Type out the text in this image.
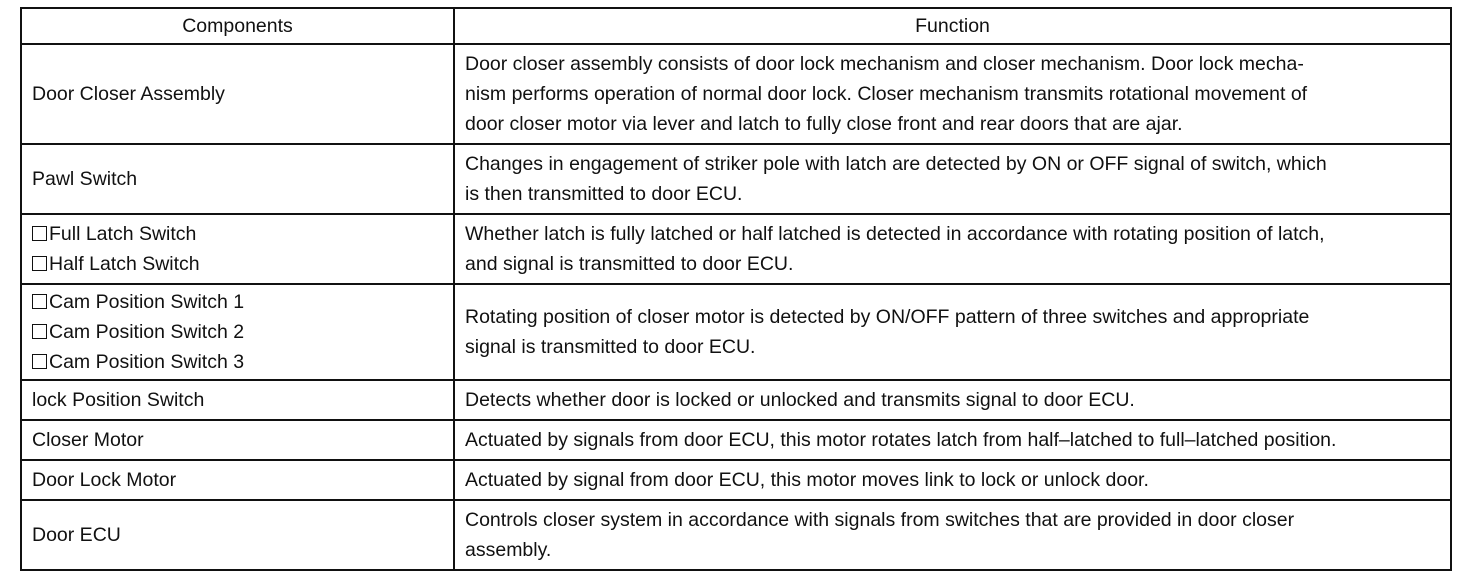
Components	Function

Door Closer Assembly	Door closer assembly consists of door lock mechanism and closer mechanism. Door lock mecha-
nism performs operation of normal door lock. Closer mechanism transmits rotational movement of
door closer motor via lever and latch to fully close front and rear doors that are ajar.

Pawl Switch	Changes in engagement of striker pole with latch are detected by ON or OFF signal of switch, which
is then transmitted to door ECU.

Full Latch Switch
Half Latch Switch	Whether latch is fully latched or half latched is detected in accordance with rotating position of latch,
and signal is transmitted to door ECU.

Cam Position Switch 1
Cam Position Switch 2
Cam Position Switch 3	Rotating position of closer motor is detected by ON/OFF pattern of three switches and appropriate
signal is transmitted to door ECU.

lock Position Switch	Detects whether door is locked or unlocked and transmits signal to door ECU.

Closer Motor	Actuated by signals from door ECU, this motor rotates latch from half–latched to full–latched position.

Door Lock Motor	Actuated by signal from door ECU, this motor moves link to lock or unlock door.

Door ECU	Controls closer system in accordance with signals from switches that are provided in door closer
assembly.
